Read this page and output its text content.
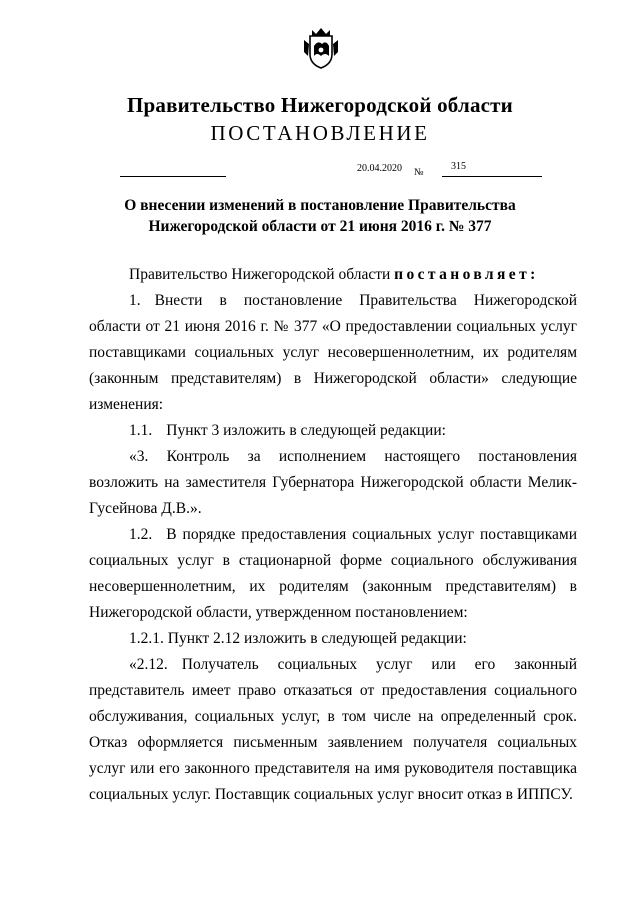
Правительство Нижегородской области
ПОСТАНОВЛЕНИЕ
20.04.2020 №
315
О внесении изменений в постановление Правительства
Нижегородской области от 21 июня 2016 г. № 377

Правительство Нижегородской области постановляет:

1. Внести в постановление Правительства Нижегородской области от 21 июня 2016 г. № 377 «О предоставлении социальных услуг поставщиками социальных услуг несовершеннолетним, их родителям (законным представителям) в Нижегородской области» следующие изменения:

1.1. Пункт 3 изложить в следующей редакции:

«3. Контроль за исполнением настоящего постановления возложить на заместителя Губернатора Нижегородской области Мелик-Гусейнова Д.В.».

1.2. В порядке предоставления социальных услуг поставщиками социальных услуг в стационарной форме социального обслуживания несовершеннолетним, их родителям (законным представителям) в Нижегородской области, утвержденном постановлением:

1.2.1. Пункт 2.12 изложить в следующей редакции:

«2.12. Получатель социальных услуг или его законный представитель имеет право отказаться от предоставления социального обслуживания, социальных услуг, в том числе на определенный срок. Отказ оформляется письменным заявлением получателя социальных услуг или его законного представителя на имя руководителя поставщика социальных услуг. Поставщик социальных услуг вносит отказ в ИППСУ.
